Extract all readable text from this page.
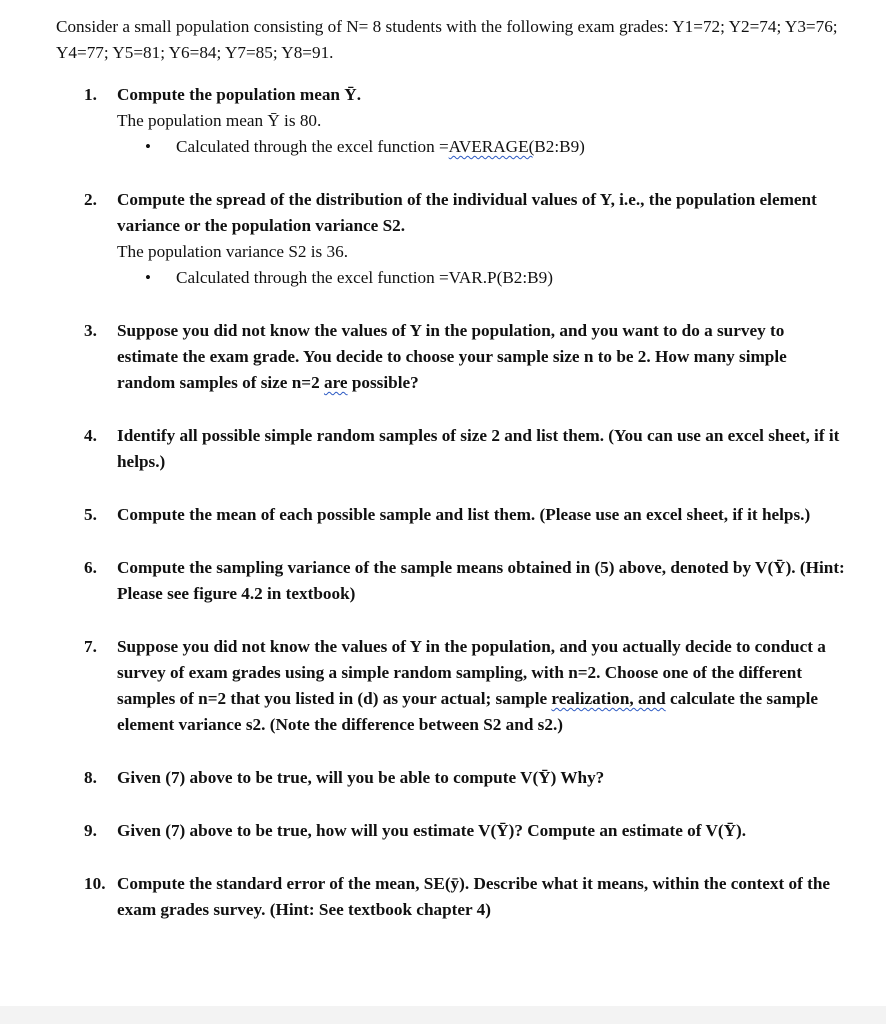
Consider a small population consisting of N= 8 students with the following exam grades: Y1=72; Y2=74; Y3=76; Y4=77; Y5=81; Y6=84; Y7=85; Y8=91.

1. Compute the population mean Ȳ.

The population mean Ȳ is 80.

• Calculated through the excel function =AVERAGE(B2:B9)
2. Compute the spread of the distribution of the individual values of Y, i.e., the population element variance or the population variance S2.

The population variance S2 is 36.

• Calculated through the excel function =VAR.P(B2:B9)
3. Suppose you did not know the values of Y in the population, and you want to do a survey to estimate the exam grade. You decide to choose your sample size n to be 2. How many simple random samples of size n=2 are possible?
4. Identify all possible simple random samples of size 2 and list them. (You can use an excel sheet, if it helps.)
5. Compute the mean of each possible sample and list them. (Please use an excel sheet, if it helps.)
6. Compute the sampling variance of the sample means obtained in (5) above, denoted by V(Ȳ). (Hint: Please see figure 4.2 in textbook)
7. Suppose you did not know the values of Y in the population, and you actually decide to conduct a survey of exam grades using a simple random sampling, with n=2. Choose one of the different samples of n=2 that you listed in (d) as your actual; sample realization, and calculate the sample element variance s2. (Note the difference between S2 and s2.)
8. Given (7) above to be true, will you be able to compute V(Ȳ) Why?
9. Given (7) above to be true, how will you estimate V(Ȳ)? Compute an estimate of V(Ȳ).
10. Compute the standard error of the mean, SE(ȳ). Describe what it means, within the context of the exam grades survey. (Hint: See textbook chapter 4)
